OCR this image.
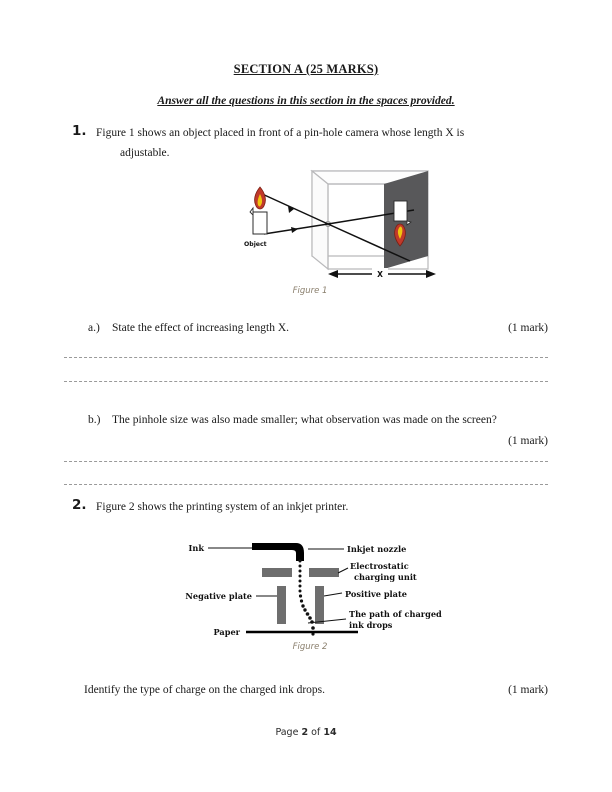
SECTION A (25 MARKS)
Answer all the questions in this section in the spaces provided.
1. Figure 1 shows an object placed in front of a pin-hole camera whose length X is
adjustable.
Object
X
Figure 1
a.) State the effect of increasing length X.	(1 mark)
b.) The pinhole size was also made smaller; what observation was made on the screen?
(1 mark)
2. Figure 2 shows the printing system of an inkjet printer.
Ink	Inkjet nozzle
Electrostatic
charging unit
Negative plate	Positive plate
The path of charged
ink drops
Paper
Figure 2
Identify the type of charge on the charged ink drops.	(1 mark)
Page 2 of 14
